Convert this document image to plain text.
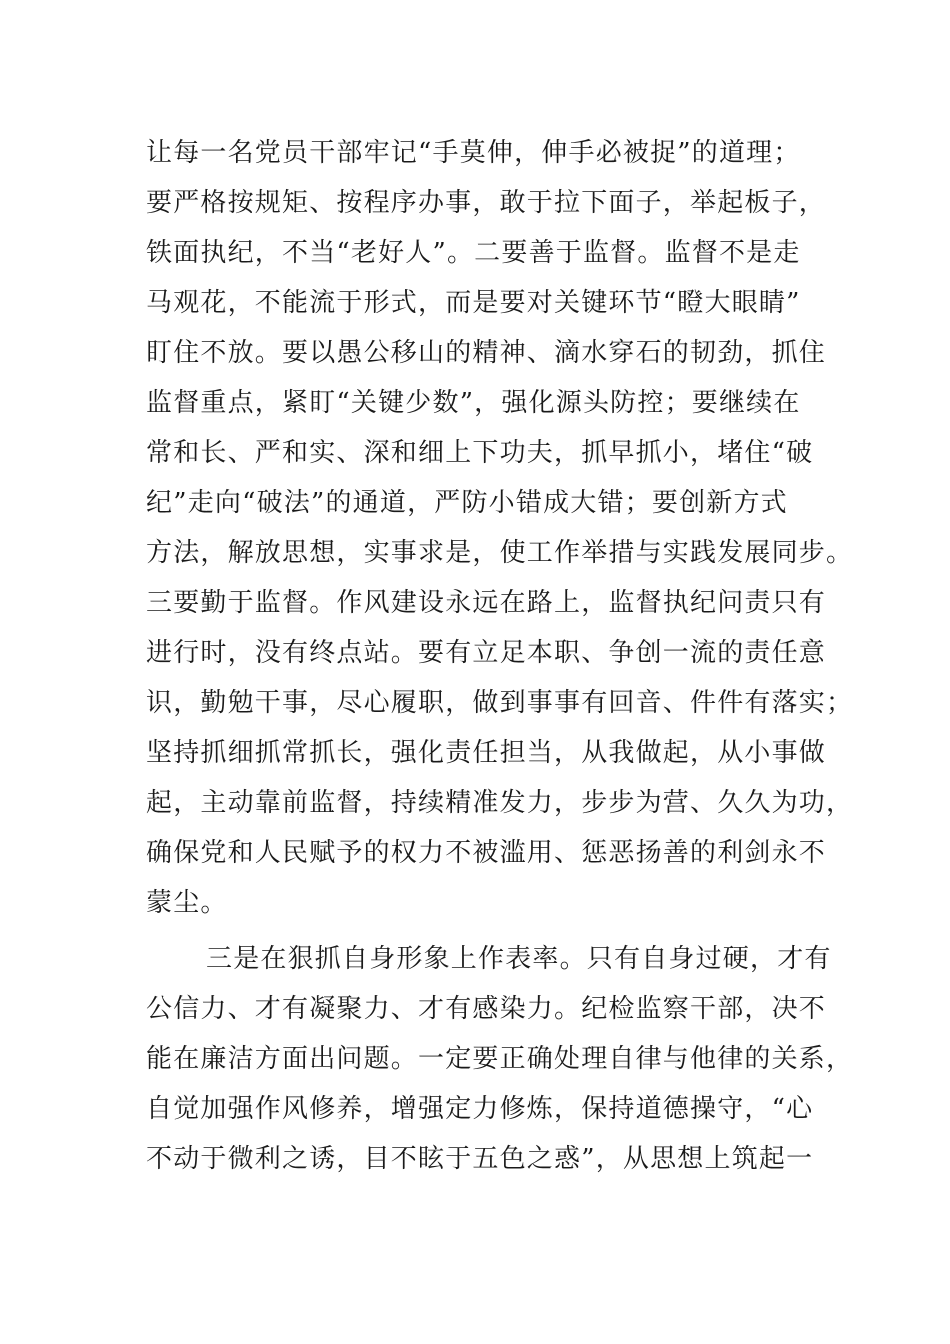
让每一名党员干部牢记“手莫伸，伸手必被捉”的道理；
要严格按规矩、按程序办事，敢于拉下面子，举起板子，
铁面执纪，不当“老好人”。二要善于监督。监督不是走
马观花，不能流于形式，而是要对关键环节“瞪大眼睛”
盯住不放。要以愚公移山的精神、滴水穿石的韧劲，抓住
监督重点，紧盯“关键少数”，强化源头防控；要继续在
常和长、严和实、深和细上下功夫，抓早抓小，堵住“破
纪”走向“破法”的通道，严防小错成大错；要创新方式
方法，解放思想，实事求是，使工作举措与实践发展同步。
三要勤于监督。作风建设永远在路上，监督执纪问责只有
进行时，没有终点站。要有立足本职、争创一流的责任意
识，勤勉干事，尽心履职，做到事事有回音、件件有落实；
坚持抓细抓常抓长，强化责任担当，从我做起，从小事做
起，主动靠前监督，持续精准发力，步步为营、久久为功，
确保党和人民赋予的权力不被滥用、惩恶扬善的利剑永不
蒙尘。
三是在狠抓自身形象上作表率。只有自身过硬，才有
公信力、才有凝聚力、才有感染力。纪检监察干部，决不
能在廉洁方面出问题。一定要正确处理自律与他律的关系，
自觉加强作风修养，增强定力修炼，保持道德操守，“心
不动于微利之诱，目不眩于五色之惑”，从思想上筑起一
